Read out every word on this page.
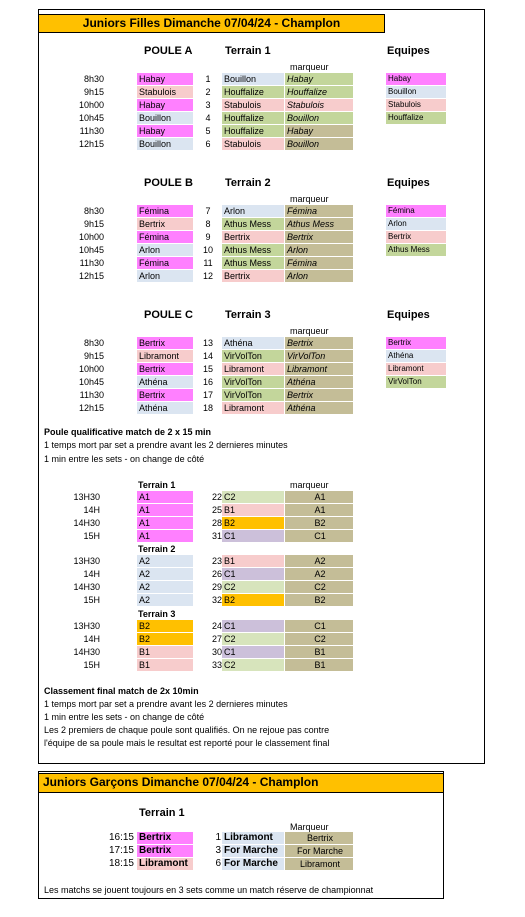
Juniors Filles Dimanche 07/04/24 - Champlon
POULE A	Terrain 1	Equipes
marqueur
8h30	Habay	1	Bouillon	Habay
9h15	Stabulois	2	Houffalize	Houffalize
10h00	Habay	3	Stabulois	Stabulois
10h45	Bouillon	4	Houffalize	Bouillon
11h30	Habay	5	Houffalize	Habay
12h15	Bouillon	6	Stabulois	Bouillon
Habay
Bouillon
Stabulois
Houffalize
POULE B	Terrain 2	Equipes
marqueur
8h30	Fémina	7	Arlon	Fémina
9h15	Bertrix	8	Athus Mess	Athus Mess
10h00	Fémina	9	Bertrix	Bertrix
10h45	Arlon	10	Athus Mess	Arlon
11h30	Fémina	11	Athus Mess	Fémina
12h15	Arlon	12	Bertrix	Arlon
Fémina
Arlon
Bertrix
Athus Mess
POULE C	Terrain 3	Equipes
marqueur
8h30	Bertrix	13	Athéna	Bertrix
9h15	Libramont	14	VirVolTon	VirVolTon
10h00	Bertrix	15	Libramont	Libramont
10h45	Athéna	16	VirVolTon	Athéna
11h30	Bertrix	17	VirVolTon	Bertrix
12h15	Athéna	18	Libramont	Athéna
Bertrix
Athéna
Libramont
VirVolTon
Poule qualificative match de 2 x 15 min
1 temps mort par set a prendre avant les 2 dernieres minutes
1 min entre les sets - on change de côté
marqueur
Terrain 1
13H30	A1	22 C2	A1
14H	A1	25 B1	A1
14H30	A1	28 B2	B2
15H	A1	31 C1	C1
Terrain 2
13H30	A2	23 B1	A2
14H	A2	26 C1	A2
14H30	A2	29 C2	C2
15H	A2	32 B2	B2
Terrain 3
13H30	B2	24 C1	C1
14H	B2	27 C2	C2
14H30	B1	30 C1	B1
15H	B1	33 C2	B1
Classement final match de 2x 10min
1 temps mort par set a prendre avant les 2 dernieres minutes
1 min entre les sets - on change de côté
Les 2 premiers de chaque poule sont qualifiés. On ne rejoue pas contre
l'équipe de sa poule mais le resultat est reporté pour le classement final
Juniors Garçons Dimanche 07/04/24 - Champlon
Terrain 1
Marqueur
16:15 Bertrix	1 Libramont	Bertrix
17:15 Bertrix	3 For Marche	For Marche
18:15 Libramont	6 For Marche	Libramont
Les matchs se jouent toujours en 3 sets comme un match réserve de championnat
